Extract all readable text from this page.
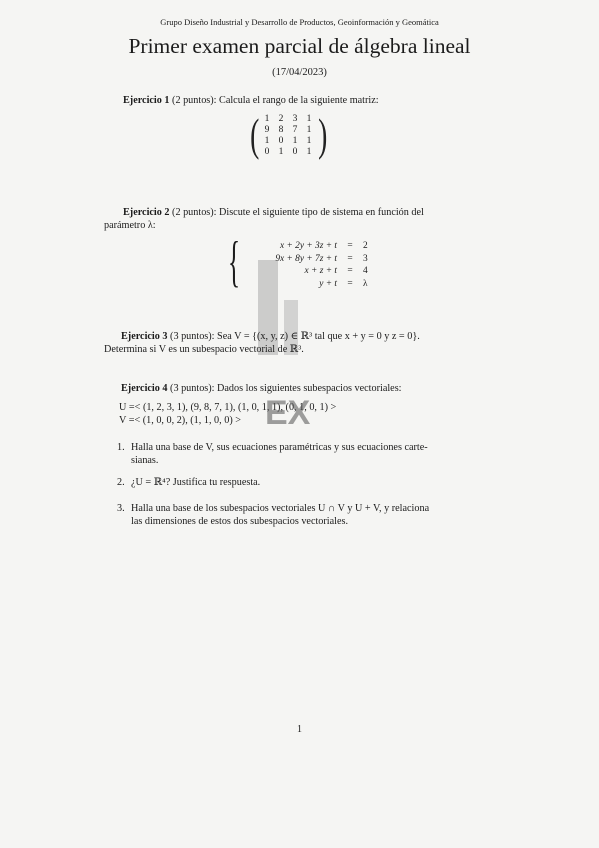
Grupo Diseño Industrial y Desarrollo de Productos, Geoinformación y Geomática
Primer examen parcial de álgebra lineal
(17/04/2023)
Ejercicio 1 (2 puntos): Calcula el rango de la siguiente matriz:
( 1	2	3	1
9	8	7	1
1	0	1	1
0	1	0	1 )
Ejercicio 2 (2 puntos): Discute el siguiente tipo de sistema en función del
parámetro λ:
{	x + 2y + 3z + t	=	2
9x + 8y + 7z + t	=	3
x + z + t	=	4
y + t	=	λ
Ejercicio 3 (3 puntos): Sea V = {(x, y, z) ∈ ℝ³ tal que x + y = 0 y z = 0}.
Determina si V es un subespacio vectorial de ℝ³.
Ejercicio 4 (3 puntos): Dados los siguientes subespacios vectoriales:
U =< (1, 2, 3, 1), (9, 8, 7, 1), (1, 0, 1, 1), (0, 1, 0, 1) >
V =< (1, 0, 0, 2), (1, 1, 0, 0) > EX
1. Halla una base de V, sus ecuaciones paramétricas y sus ecuaciones carte-
sianas.
2. ¿U = ℝ⁴? Justifica tu respuesta.
3. Halla una base de los subespacios vectoriales U ∩ V y U + V, y relaciona
las dimensiones de estos dos subespacios vectoriales.
1
